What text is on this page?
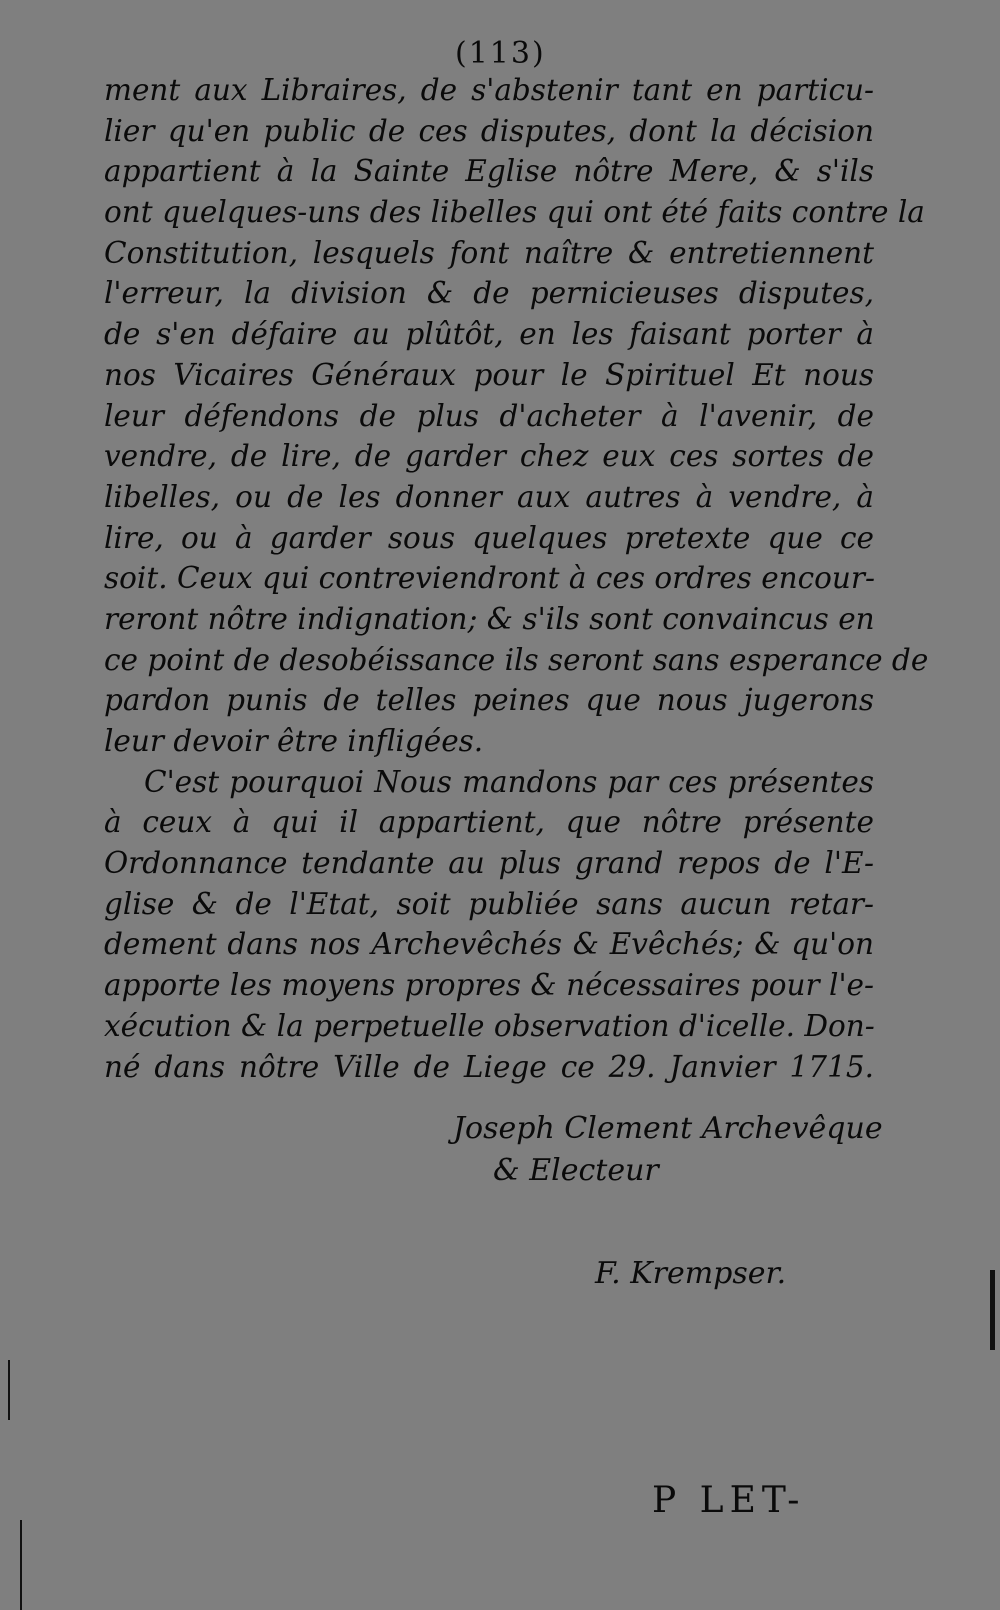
(113)
ment aux Libraires, de s'abstenir tant en particu-
lier qu'en public de ces disputes, dont la décision
appartient à la Sainte Eglise nôtre Mere, & s'ils
ont quelques-uns des libelles qui ont été faits contre la
Constitution, lesquels font naître & entretiennent
l'erreur, la division & de pernicieuses disputes,
de s'en défaire au plûtôt, en les faisant porter à
nos Vicaires Généraux pour le Spirituel Et nous
leur défendons de plus d'acheter à l'avenir, de
vendre, de lire, de garder chez eux ces sortes de
libelles, ou de les donner aux autres à vendre, à
lire, ou à garder sous quelques pretexte que ce
soit. Ceux qui contreviendront à ces ordres encour-
reront nôtre indignation; & s'ils sont convaincus en
ce point de desobéissance ils seront sans esperance de
pardon punis de telles peines que nous jugerons
leur devoir être infligées.
C'est pourquoi Nous mandons par ces présentes
à ceux à qui il appartient, que nôtre présente
Ordonnance tendante au plus grand repos de l'E-
glise & de l'Etat, soit publiée sans aucun retar-
dement dans nos Archevêchés & Evêchés; & qu'on
apporte les moyens propres & nécessaires pour l'e-
xécution & la perpetuelle observation d'icelle. Don-
né dans nôtre Ville de Liege ce 29. Janvier 1715.
Joseph Clement Archevêque
& Electeur
F. Krempser.
P LET-
